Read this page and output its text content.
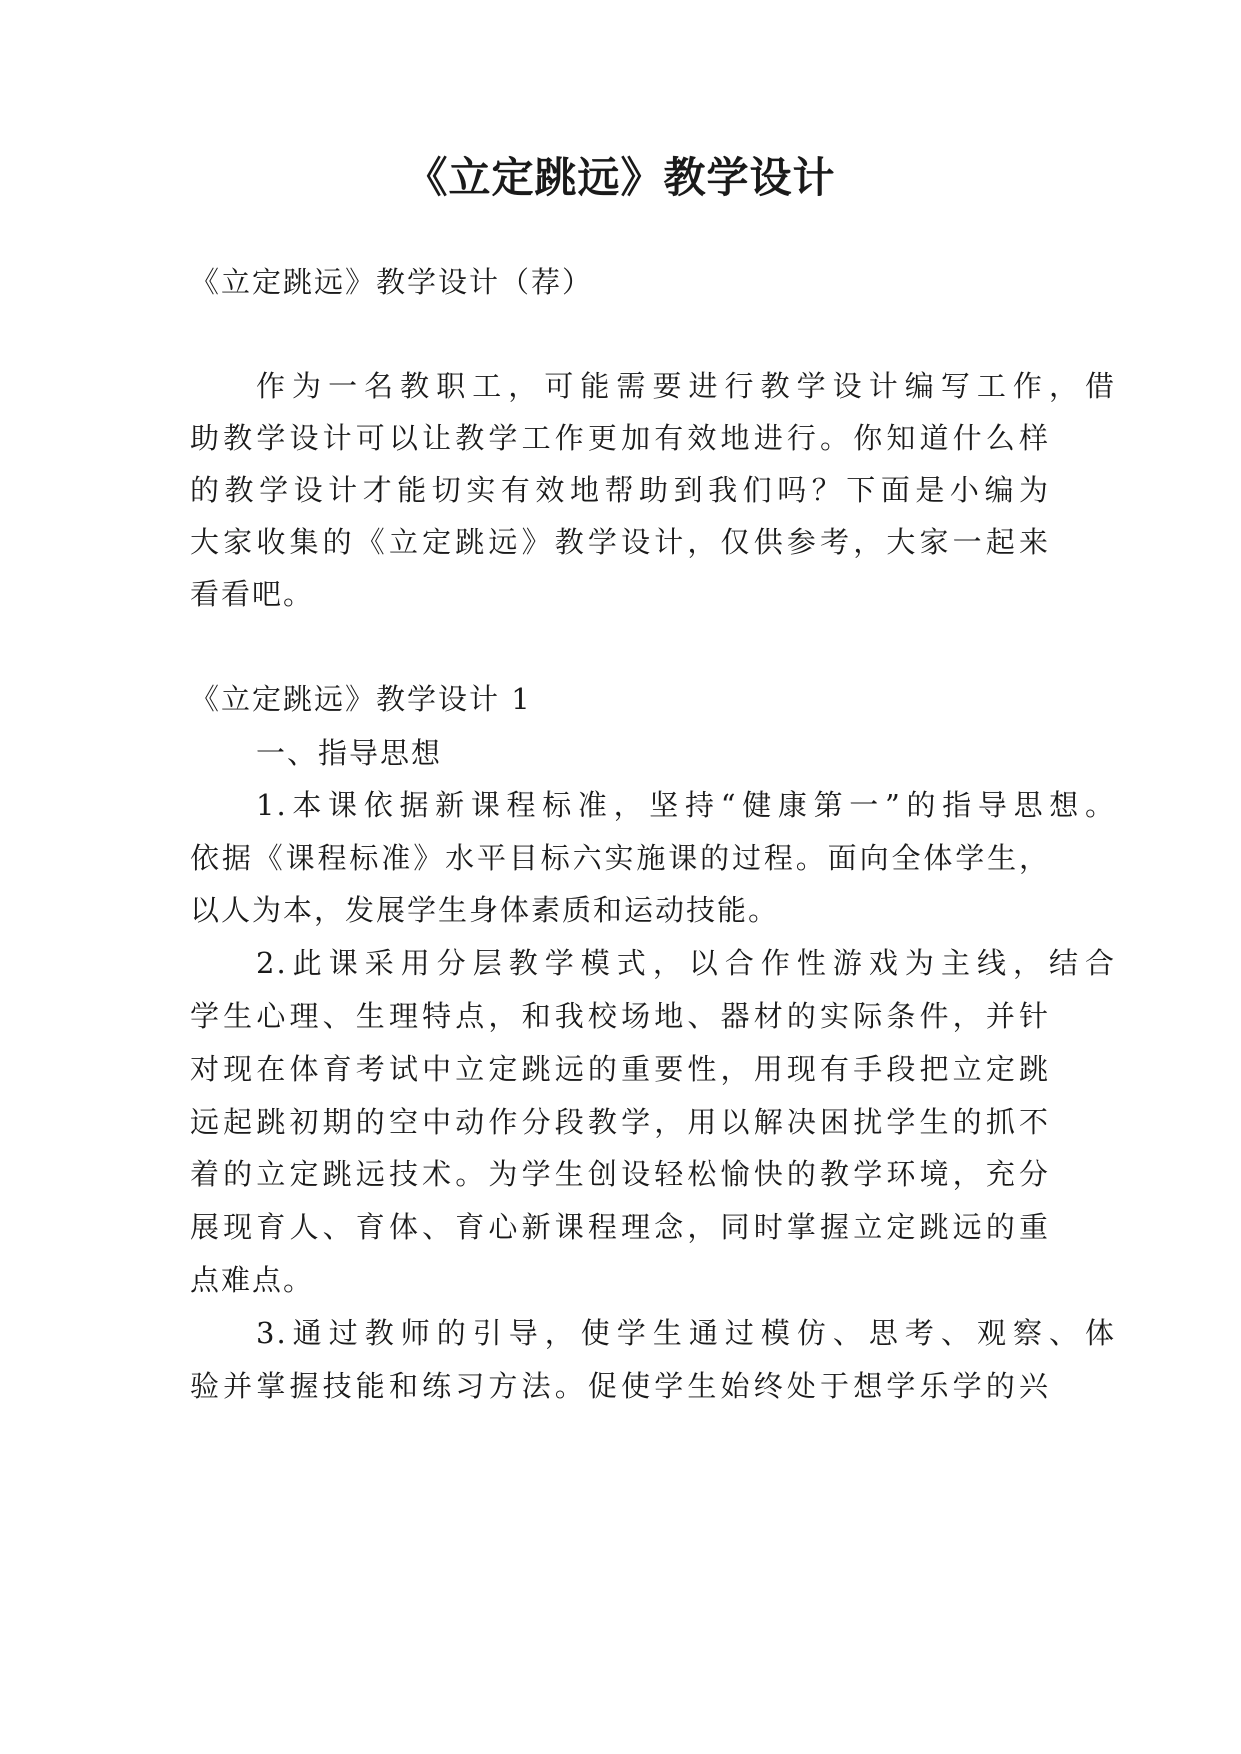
《立定跳远》教学设计

《立定跳远》教学设计（荐）

作为一名教职工，可能需要进行教学设计编写工作，借

助教学设计可以让教学工作更加有效地进行。你知道什么样

的教学设计才能切实有效地帮助到我们吗？下面是小编为

大家收集的《立定跳远》教学设计，仅供参考，大家一起来

看看吧。

《立定跳远》教学设计 1

一、指导思想

1.本课依据新课程标准，坚持“健康第一”的指导思想。

依据《课程标准》水平目标六实施课的过程。面向全体学生，

以人为本，发展学生身体素质和运动技能。

2.此课采用分层教学模式，以合作性游戏为主线，结合

学生心理、生理特点，和我校场地、器材的实际条件，并针

对现在体育考试中立定跳远的重要性，用现有手段把立定跳

远起跳初期的空中动作分段教学，用以解决困扰学生的抓不

着的立定跳远技术。为学生创设轻松愉快的教学环境，充分

展现育人、育体、育心新课程理念，同时掌握立定跳远的重

点难点。

3.通过教师的引导，使学生通过模仿、思考、观察、体

验并掌握技能和练习方法。促使学生始终处于想学乐学的兴
